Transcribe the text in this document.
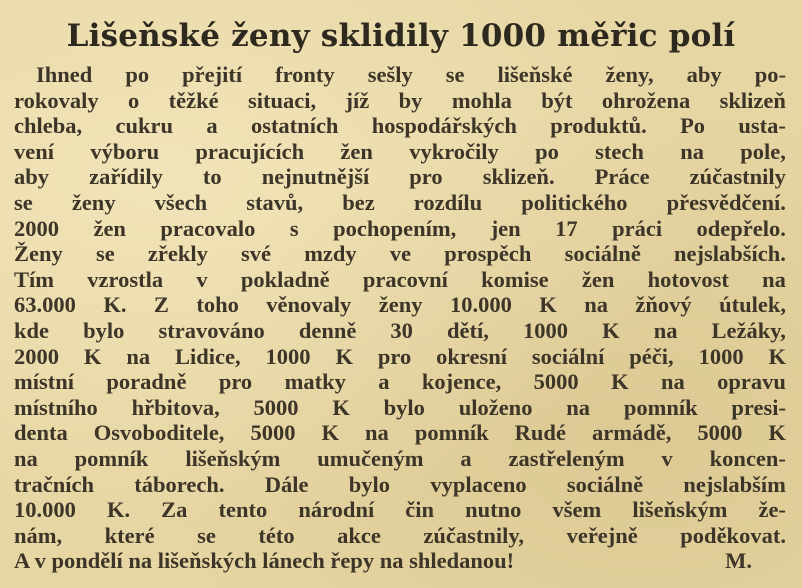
Lišeňské ženy sklidily 1000 měřic polí
Ihned po přejití fronty sešly se lišeňské ženy, aby po-
rokovaly o těžké situaci, jíž by mohla být ohrožena sklizeň
chleba, cukru a ostatních hospodářských produktů. Po usta-
vení výboru pracujících žen vykročily po stech na pole,
aby zařídily to nejnutnější pro sklizeň. Práce zúčastnily
se ženy všech stavů, bez rozdílu politického přesvědčení.
2000 žen pracovalo s pochopením, jen 17 práci odepřelo.
Ženy se zřekly své mzdy ve prospěch sociálně nejslabších.
Tím vzrostla v pokladně pracovní komise žen hotovost na
63.000 K. Z toho věnovaly ženy 10.000 K na žňový útulek,
kde bylo stravováno denně 30 dětí, 1000 K na Ležáky,
2000 K na Lidice, 1000 K pro okresní sociální péči, 1000 K
místní poradně pro matky a kojence, 5000 K na opravu
místního hřbitova, 5000 K bylo uloženo na pomník presi-
denta Osvoboditele, 5000 K na pomník Rudé armádě, 5000 K
na pomník lišeňským umučeným a zastřeleným v koncen-
tračních táborech. Dále bylo vyplaceno sociálně nejslabším
10.000 K. Za tento národní čin nutno všem lišeňským že-
nám, které se této akce zúčastnily, veřejně poděkovat.
A v pondělí na lišeňských lánech řepy na shledanou!	M.
